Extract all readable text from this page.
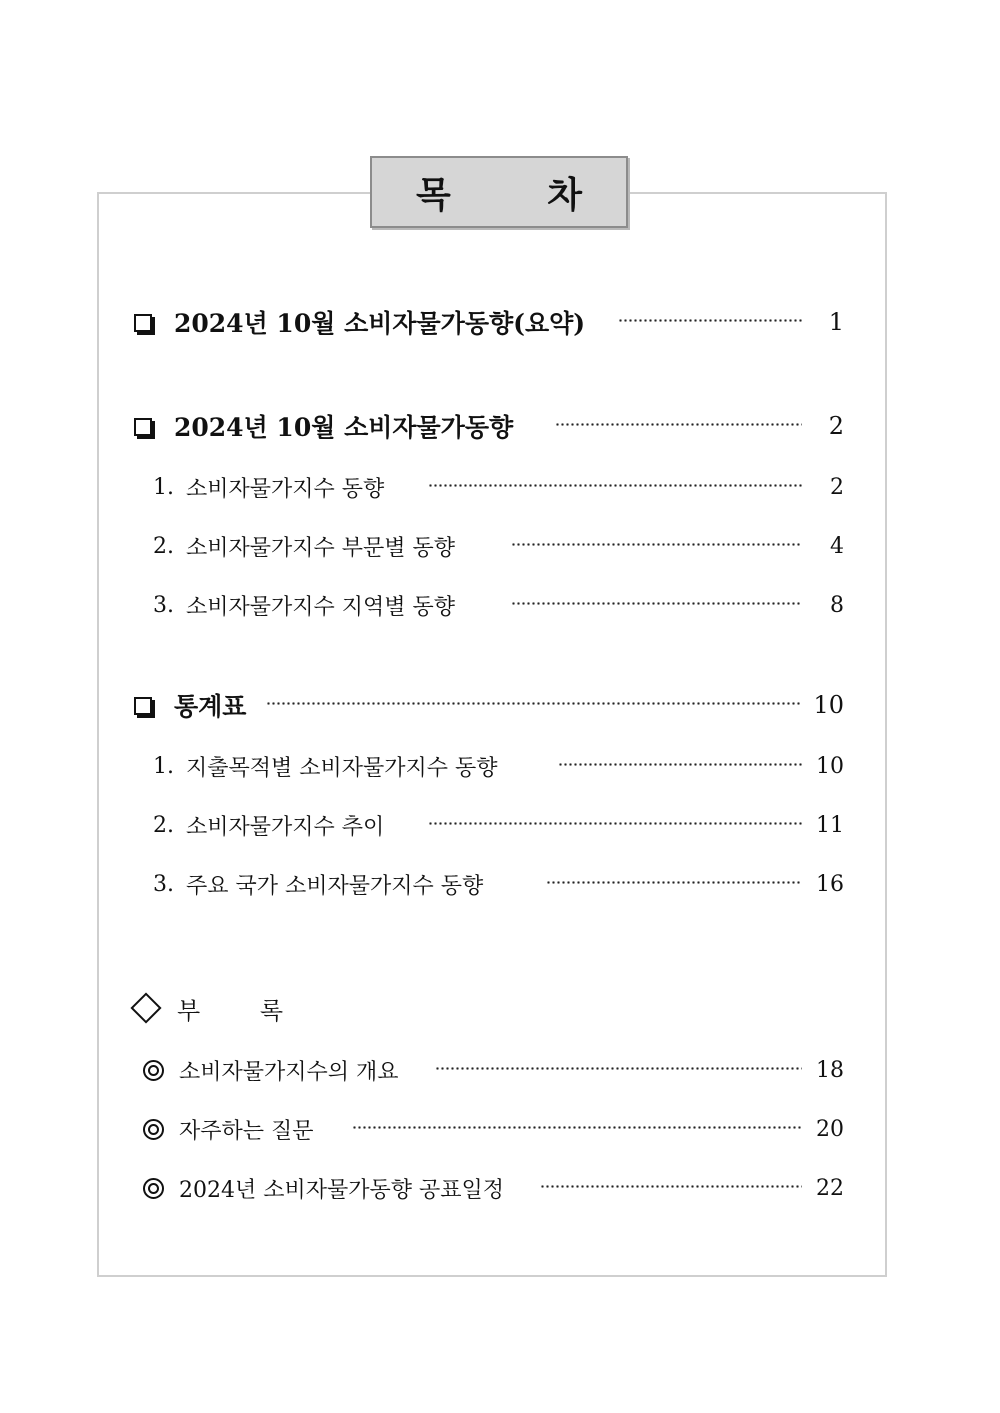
목 차
2024년 10월 소비자물가동향(요약)	1
2024년 10월 소비자물가동향	2
1. 소비자물가지수 동향	2
2. 소비자물가지수 부문별 동향	4
3. 소비자물가지수 지역별 동향	8
통계표	10
1. 지출목적별 소비자물가지수 동향	10
2. 소비자물가지수 추이	11
3. 주요 국가 소비자물가지수 동향	16
부 록
소비자물가지수의 개요	18
자주하는 질문	20
2024년 소비자물가동향 공표일정	22
